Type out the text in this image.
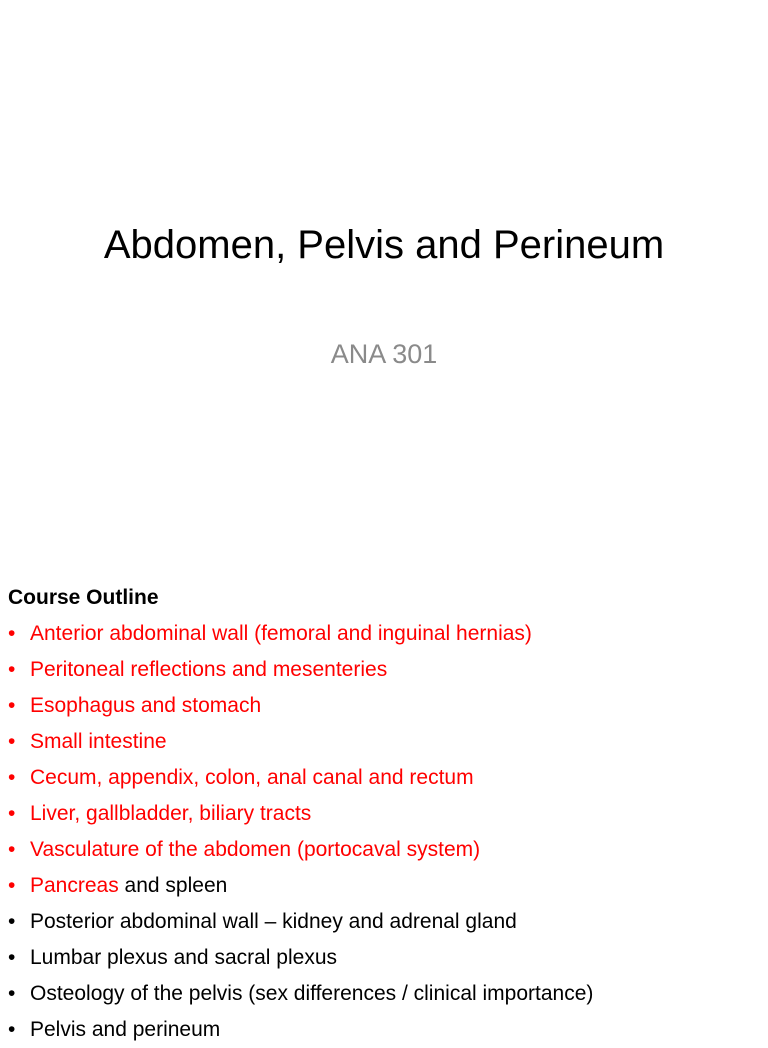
Abdomen, Pelvis and Perineum
ANA 301

Course Outline

• Anterior abdominal wall (femoral and inguinal hernias)
• Peritoneal reflections and mesenteries
• Esophagus and stomach
• Small intestine
• Cecum, appendix, colon, anal canal and rectum
• Liver, gallbladder, biliary tracts
• Vasculature of the abdomen (portocaval system)
• Pancreas and spleen
• Posterior abdominal wall – kidney and adrenal gland
• Lumbar plexus and sacral plexus
• Osteology of the pelvis (sex differences / clinical importance)
• Pelvis and perineum
